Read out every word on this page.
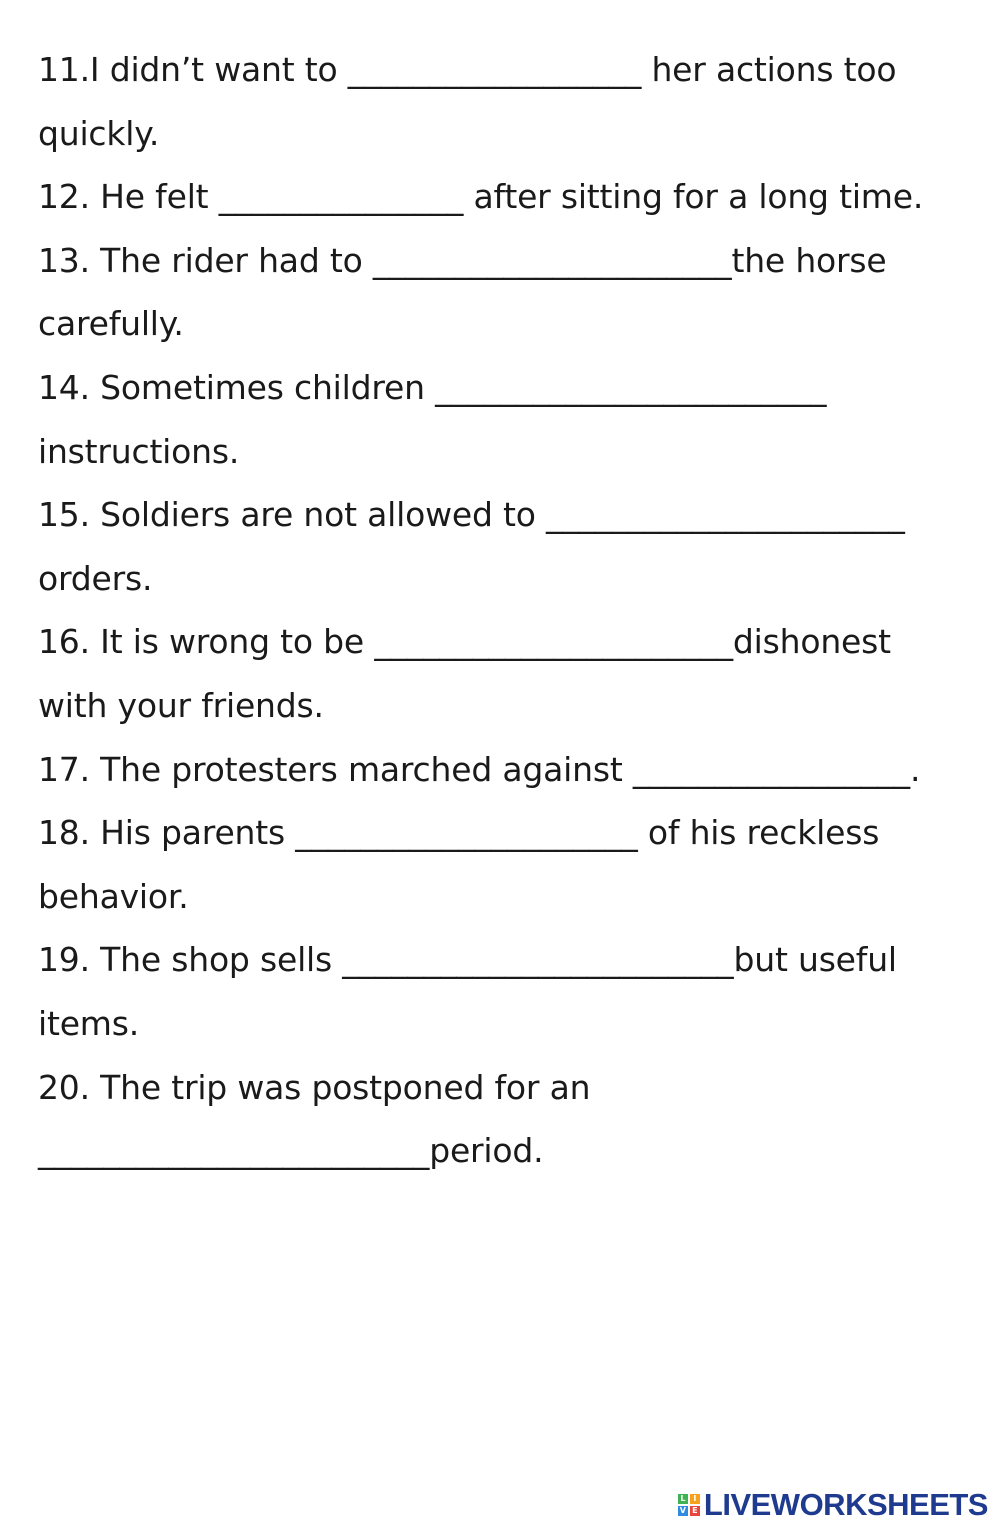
11.I didn’t want to __________________ her actions too
quickly.
12. He felt _______________ after sitting for a long time.
13. The rider had to ______________________the horse
carefully.
14. Sometimes children ________________________
instructions.
15. Soldiers are not allowed to ______________________
orders.
16. It is wrong to be ______________________dishonest
with your friends.
17. The protesters marched against _________________.
18. His parents _____________________ of his reckless
behavior.
19. The shop sells ________________________but useful
items.
20. The trip was postponed for an
________________________period.
L I
V E LIVEWORKSHEETS
